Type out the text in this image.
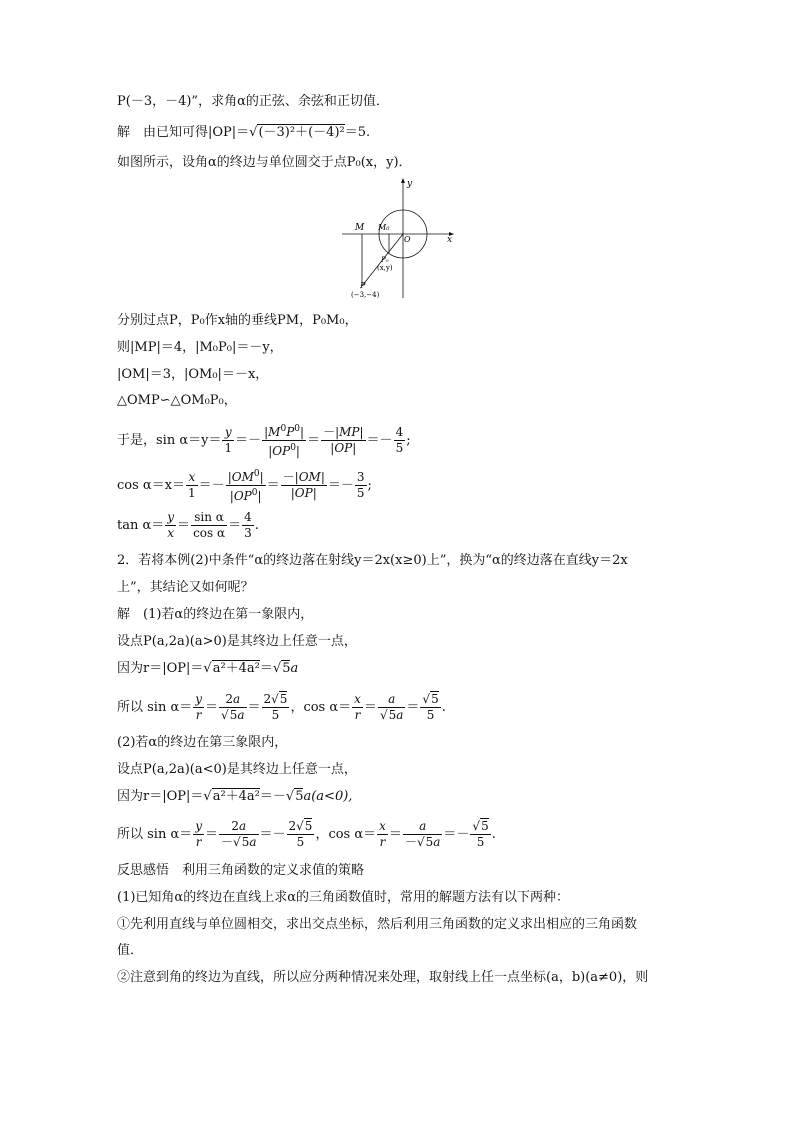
P(－3，－4)”，求角α的正弦、余弦和正切值．
解　由已知可得|OP|＝√(－3)²＋(－4)²＝5.
如图所示，设角α的终边与单位圆交于点P₀(x，y)．
y
x
M M₀
O
P₀
(x,y)
P
(−3,−4)
分别过点P，P₀作x轴的垂线PM，P₀M₀，
则|MP|＝4，|M₀P₀|＝－y，
|OM|＝3，|OM₀|＝－x，
△OMP∽△OM₀P₀，
于是，$\sin \alpha=y= \frac{y}{1} =- \frac{|M^0P^0|}{|OP^0|} = \frac{-|MP|}{|OP|} =- \frac{4}{5}$ ;
$\cos \alpha=x= \frac{x}{1} =- \frac{|OM^0|}{|OP^0|} = \frac{-|OM|}{|OP|} =- \frac{3}{5}$ ;
$\tan \alpha= \frac{y}{x} = \frac{\text{sin α}}{\text{cos α}} = \frac{4}{3}$ .
2．若将本例(2)中条件“α的终边落在射线y＝2x(x≥0)上”，换为“α的终边落在直线y＝2x
上”，其结论又如何呢？
解　(1)若α的终边在第一象限内，
设点P(a,2a)(a>0)是其终边上任意一点，
因为r＝|OP|＝√a²＋4a²＝√5a
所以 $\sin \alpha= \frac{y}{r} = \frac{2a}{√5a} = \frac{2√5}{5}$ ，$\cos \alpha= \frac{x}{r} = \frac{a}{√5a} = \frac{√5}{5}$ .
(2)若α的终边在第三象限内，
设点P(a,2a)(a<0)是其终边上任意一点，
因为r＝|OP|＝√a²＋4a²＝－√5a(a<0),
所以 $\sin \alpha= \frac{y}{r} = \frac{2a}{-√5a} =- \frac{2√5}{5}$ ，$\cos \alpha= \frac{x}{r} = \frac{a}{-√5a} =- \frac{√5}{5}$ .
反思感悟　利用三角函数的定义求值的策略
(1)已知角α的终边在直线上求α的三角函数值时，常用的解题方法有以下两种：
①先利用直线与单位圆相交，求出交点坐标，然后利用三角函数的定义求出相应的三角函数
值．
②注意到角的终边为直线，所以应分两种情况来处理，取射线上任一点坐标(a，b)(a≠0)，则
